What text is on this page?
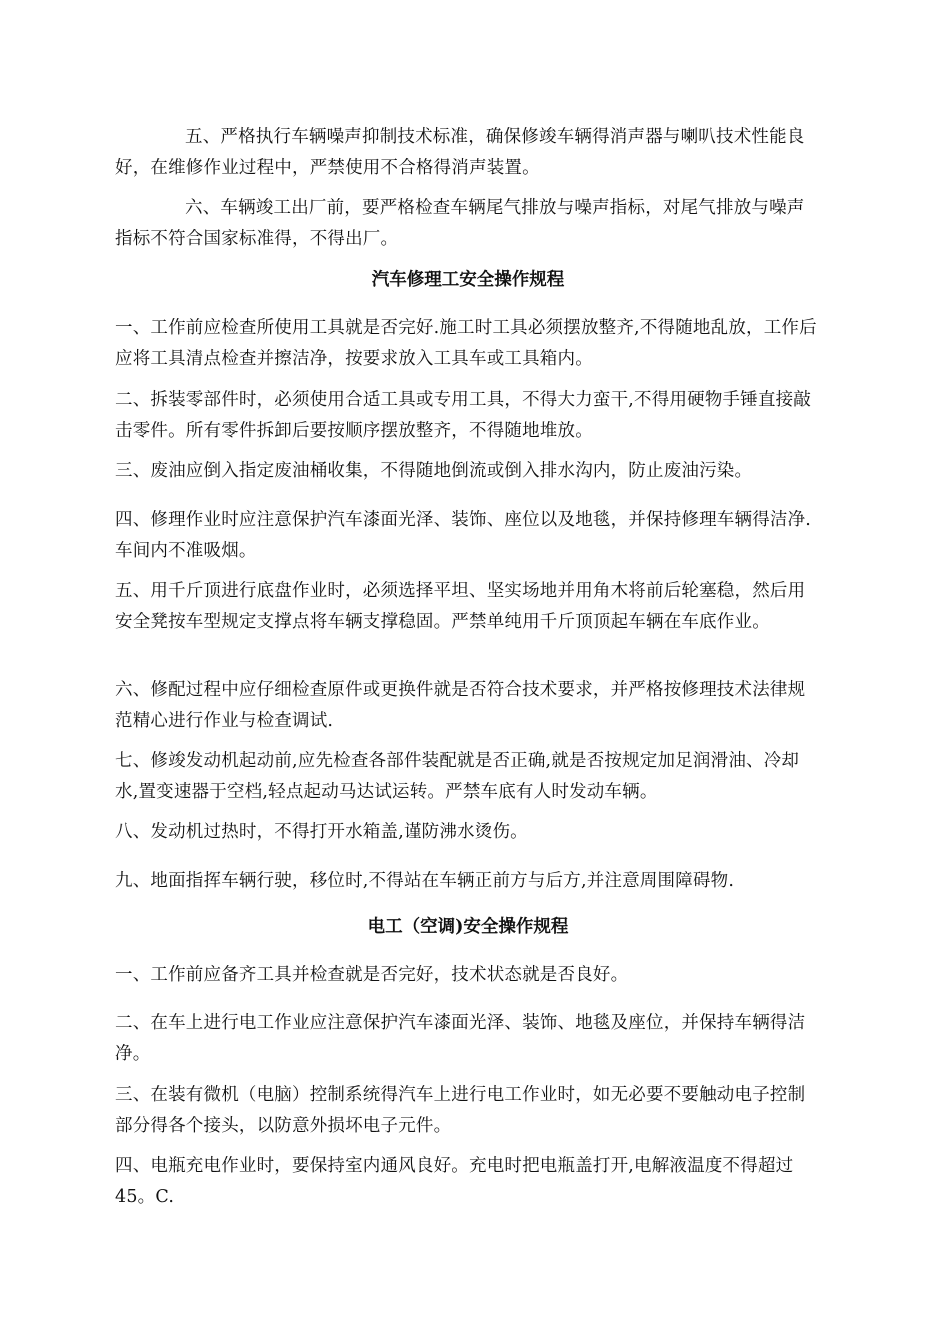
五、严格执行车辆噪声抑制技术标准，确保修竣车辆得消声器与喇叭技术性能良好，在维修作业过程中，严禁使用不合格得消声装置。

六、车辆竣工出厂前，要严格检查车辆尾气排放与噪声指标，对尾气排放与噪声指标不符合国家标准得，不得出厂。

汽车修理工安全操作规程

一、工作前应检查所使用工具就是否完好.施工时工具必须摆放整齐,不得随地乱放，工作后应将工具清点检查并擦洁净，按要求放入工具车或工具箱内。

二、拆装零部件时，必须使用合适工具或专用工具，不得大力蛮干,不得用硬物手锤直接敲击零件。所有零件拆卸后要按顺序摆放整齐，不得随地堆放。

三、废油应倒入指定废油桶收集，不得随地倒流或倒入排水沟内，防止废油污染。

四、修理作业时应注意保护汽车漆面光泽、装饰、座位以及地毯，并保持修理车辆得洁净.车间内不准吸烟。

五、用千斤顶进行底盘作业时，必须选择平坦、坚实场地并用角木将前后轮塞稳，然后用安全凳按车型规定支撑点将车辆支撑稳固。严禁单纯用千斤顶顶起车辆在车底作业。

六、修配过程中应仔细检查原件或更换件就是否符合技术要求，并严格按修理技术法律规范精心进行作业与检查调试.

七、修竣发动机起动前,应先检查各部件装配就是否正确,就是否按规定加足润滑油、冷却水,置变速器于空档,轻点起动马达试运转。严禁车底有人时发动车辆。

八、发动机过热时，不得打开水箱盖,谨防沸水烫伤。

九、地面指挥车辆行驶，移位时,不得站在车辆正前方与后方,并注意周围障碍物.

电工（空调)安全操作规程

一、工作前应备齐工具并检查就是否完好，技术状态就是否良好。

二、在车上进行电工作业应注意保护汽车漆面光泽、装饰、地毯及座位，并保持车辆得洁净。

三、在装有微机（电脑）控制系统得汽车上进行电工作业时，如无必要不要触动电子控制部分得各个接头，以防意外损坏电子元件。

四、电瓶充电作业时，要保持室内通风良好。充电时把电瓶盖打开,电解液温度不得超过45。C.
